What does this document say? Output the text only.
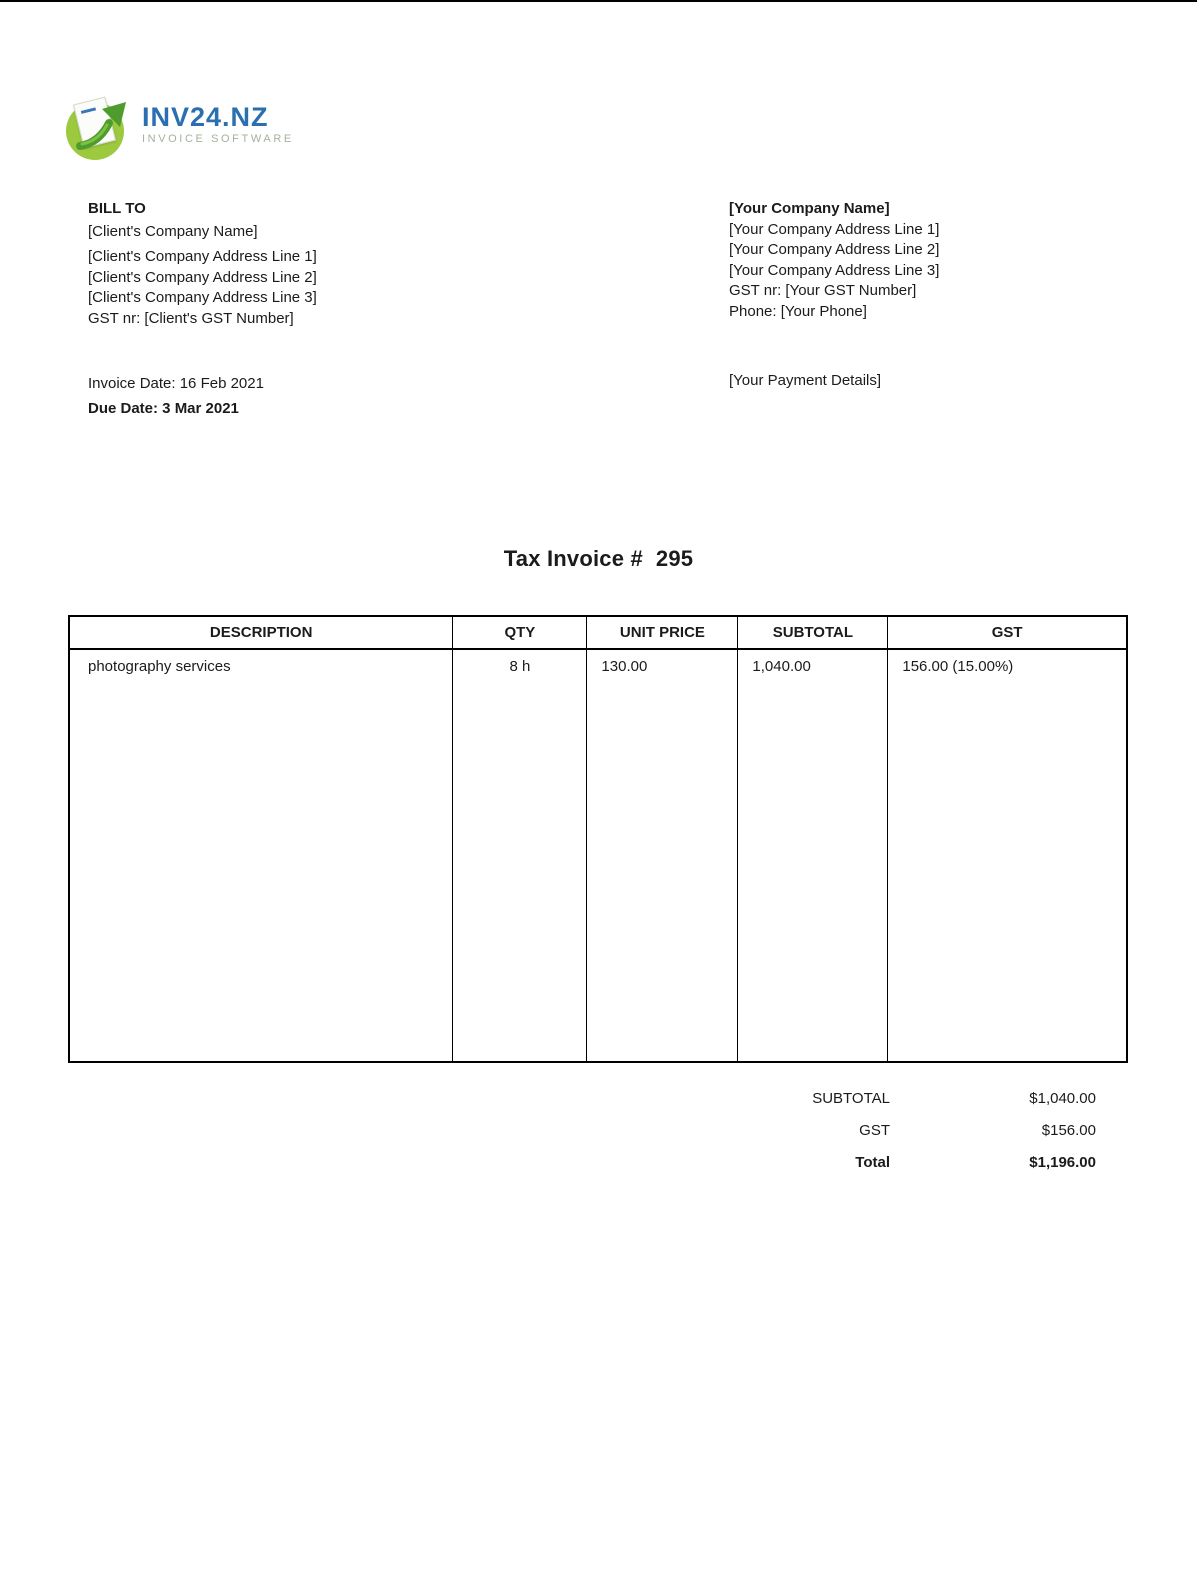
INV24.NZ
INVOICE SOFTWARE
BILL TO
[Client's Company Name]
[Client's Company Address Line 1]
[Client's Company Address Line 2]
[Client's Company Address Line 3]
GST nr: [Client's GST Number]
[Your Company Name]
[Your Company Address Line 1]
[Your Company Address Line 2]
[Your Company Address Line 3]
GST nr: [Your GST Number]
Phone: [Your Phone]
Invoice Date: 16 Feb 2021
Due Date: 3 Mar 2021
[Your Payment Details]
Tax Invoice # 295
DESCRIPTION	QTY	UNIT PRICE	SUBTOTAL	GST
photography services	8 h	130.00	1,040.00	156.00 (15.00%)
SUBTOTAL	$1,040.00
GST	$156.00
Total	$1,196.00
